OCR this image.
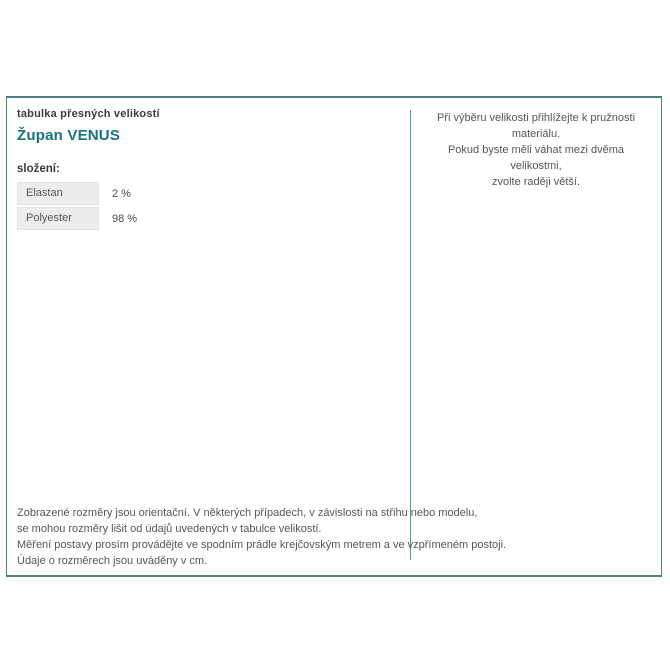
tabulka přesných velikostí
Župan VENUS
složení:
Elastan	2 %
Polyester	98 %
Zobrazené rozměry jsou orientační. V některých případech, v závislosti na střihu nebo modelu,
se mohou rozměry lišit od údajů uvedených v tabulce velikostí.
Měření postavy prosím provádějte ve spodním prádle krejčovským metrem a ve vzpřímeném postoji.
Údaje o rozměrech jsou uváděny v cm.
Při výběru velikosti přihlížejte k pružnosti materiálu.
Pokud byste měli váhat mezi dvěma velikostmi,
zvolte raději větší.
